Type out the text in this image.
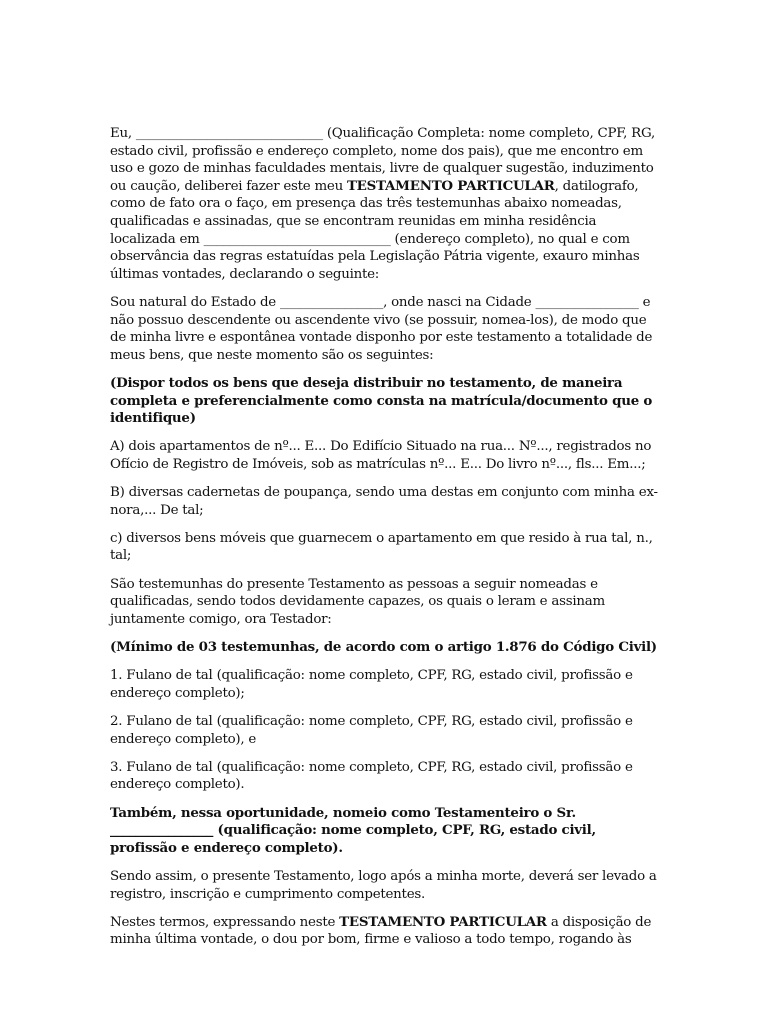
Eu, _____________________________ (Qualificação Completa: nome completo, CPF, RG, estado civil, profissão e endereço completo, nome dos pais), que me encontro em uso e gozo de minhas faculdades mentais, livre de qualquer sugestão, induzimento ou caução, deliberei fazer este meu TESTAMENTO PARTICULAR, datilografo, como de fato ora o faço, em presença das três testemunhas abaixo nomeadas, qualificadas e assinadas, que se encontram reunidas em minha residência localizada em _____________________________ (endereço completo), no qual e com observância das regras estatuídas pela Legislação Pátria vigente, exauro minhas últimas vontades, declarando o seguinte:

Sou natural do Estado de ________________, onde nasci na Cidade ________________ e não possuo descendente ou ascendente vivo (se possuir, nomea-los), de modo que de minha livre e espontânea vontade disponho por este testamento a totalidade de meus bens, que neste momento são os seguintes:

(Dispor todos os bens que deseja distribuir no testamento, de maneira completa e preferencialmente como consta na matrícula/documento que o identifique)

A) dois apartamentos de nº... E... Do Edifício Situado na rua... Nº..., registrados no Ofício de Registro de Imóveis, sob as matrículas nº... E... Do livro nº..., fls... Em...;

B) diversas cadernetas de poupança, sendo uma destas em conjunto com minha ex-nora,... De tal;

c) diversos bens móveis que guarnecem o apartamento em que resido à rua tal, n., tal;

São testemunhas do presente Testamento as pessoas a seguir nomeadas e qualificadas, sendo todos devidamente capazes, os quais o leram e assinam juntamente comigo, ora Testador:

(Mínimo de 03 testemunhas, de acordo com o artigo 1.876 do Código Civil)

1. Fulano de tal (qualificação: nome completo, CPF, RG, estado civil, profissão e endereço completo);

2. Fulano de tal (qualificação: nome completo, CPF, RG, estado civil, profissão e endereço completo), e

3. Fulano de tal (qualificação: nome completo, CPF, RG, estado civil, profissão e endereço completo).

Também, nessa oportunidade, nomeio como Testamenteiro o Sr. ________________ (qualificação: nome completo, CPF, RG, estado civil, profissão e endereço completo).

Sendo assim, o presente Testamento, logo após a minha morte, deverá ser levado a registro, inscrição e cumprimento competentes.

Nestes termos, expressando neste TESTAMENTO PARTICULAR a disposição de minha última vontade, o dou por bom, firme e valioso a todo tempo, rogando às
